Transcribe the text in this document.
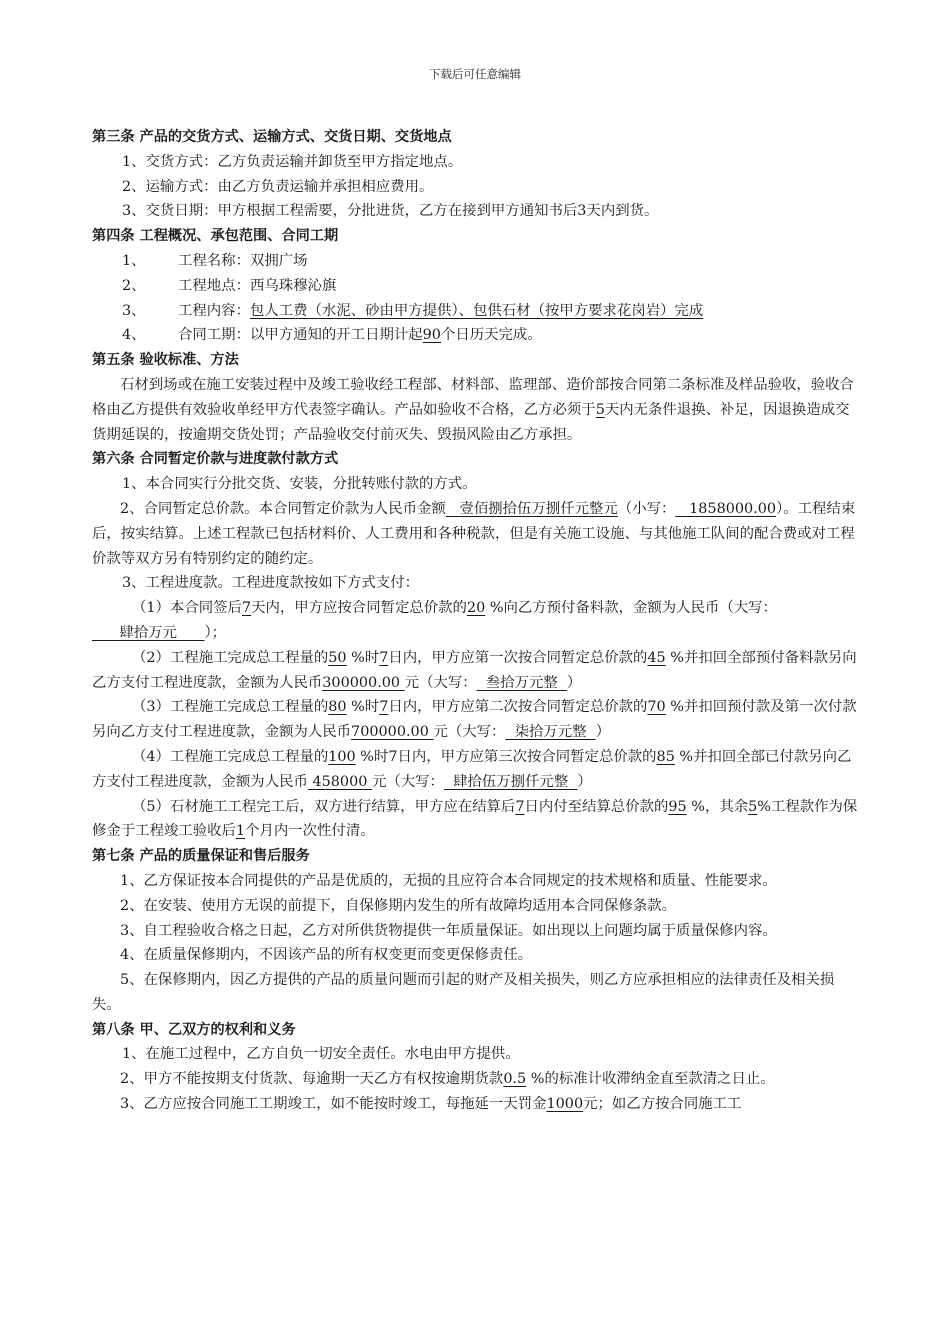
下载后可任意编辑

第三条 产品的交货方式、运输方式、交货日期、交货地点

1、交货方式：乙方负责运输并卸货至甲方指定地点。

2、运输方式：由乙方负责运输并承担相应费用。

3、交货日期：甲方根据工程需要，分批进货，乙方在接到甲方通知书后3天内到货。

第四条 工程概况、承包范围、合同工期

1、 工程名称：双拥广场

2、 工程地点：西乌珠穆沁旗

3、 工程内容：包人工费（水泥、砂由甲方提供）、包供石材（按甲方要求花岗岩）完成

4、 合同工期：以甲方通知的开工日期计起90个日历天完成。

第五条 验收标准、方法

石材到场或在施工安装过程中及竣工验收经工程部、材料部、监理部、造价部按合同第二条标准及样品验收，验收合格由乙方提供有效验收单经甲方代表签字确认。产品如验收不合格，乙方必须于5天内无条件退换、补足，因退换造成交货期延误的，按逾期交货处罚；产品验收交付前灭失、毁损风险由乙方承担。

第六条 合同暂定价款与进度款付款方式

1、本合同实行分批交货、安装，分批转账付款的方式。

2、合同暂定总价款。本合同暂定价款为人民币金额   壹佰捌拾伍万捌仟元整元（小写：   1858000.00）。工程结束后，按实结算。上述工程款已包括材料价、人工费用和各种税款，但是有关施工设施、与其他施工队间的配合费或对工程价款等双方另有特别约定的随约定。

3、工程进度款。工程进度款按如下方式支付：

（1）本合同签后7天内，甲方应按合同暂定总价款的20 %向乙方预付备料款，金额为人民币（大写：      肆拾万元      ）；

（2）工程施工完成总工程量的50 %时7日内，甲方应第一次按合同暂定总价款的45 %并扣回全部预付备料款另向乙方支付工程进度款，金额为人民币300000.00 元（大写：  叁拾万元整  ）

（3）工程施工完成总工程量的80 %时7日内，甲方应第二次按合同暂定总价款的70 %并扣回预付款及第一次付款另向乙方支付工程进度款，金额为人民币700000.00 元（大写：  柒拾万元整  ）

（4）工程施工完成总工程量的100 %时7日内，甲方应第三次按合同暂定总价款的85 %并扣回全部已付款另向乙方支付工程进度款，金额为人民币 458000 元（大写：  肆拾伍万捌仟元整  ）

（5）石材施工工程完工后，双方进行结算，甲方应在结算后7日内付至结算总价款的95 %，其余5%工程款作为保修金于工程竣工验收后1个月内一次性付清。

第七条 产品的质量保证和售后服务

1、乙方保证按本合同提供的产品是优质的，无损的且应符合本合同规定的技术规格和质量、性能要求。

2、在安装、使用方无误的前提下，自保修期内发生的所有故障均适用本合同保修条款。

3、自工程验收合格之日起，乙方对所供货物提供一年质量保证。如出现以上问题均属于质量保修内容。

4、在质量保修期内，不因该产品的所有权变更而变更保修责任。

5、在保修期内，因乙方提供的产品的质量问题而引起的财产及相关损失，则乙方应承担相应的法律责任及相关损失。

第八条 甲、乙双方的权利和义务

1、在施工过程中，乙方自负一切安全责任。水电由甲方提供。

2、甲方不能按期支付货款、每逾期一天乙方有权按逾期货款0.5 %的标准计收滞纳金直至款清之日止。

3、乙方应按合同施工工期竣工，如不能按时竣工，每拖延一天罚金1000元；如乙方按合同施工工
